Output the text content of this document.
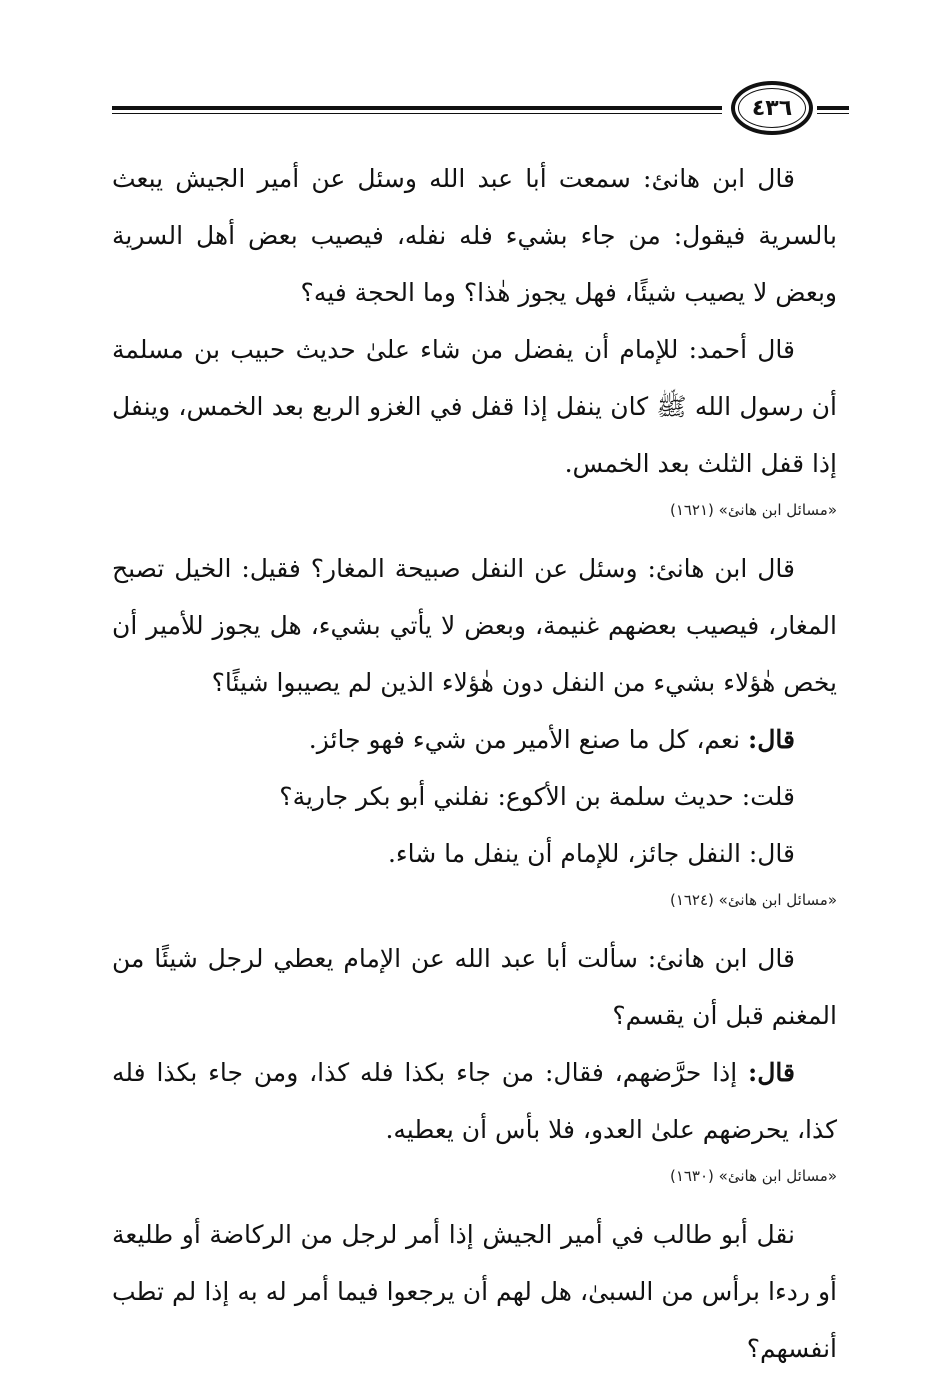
٤٣٦

قال ابن هانئ: سمعت أبا عبد الله وسئل عن أمير الجيش يبعث بالسرية فيقول: من جاء بشيء فله نفله، فيصيب بعض أهل السرية وبعض لا يصيب شيئًا، فهل يجوز هٰذا؟ وما الحجة فيه؟

قال أحمد: للإمام أن يفضل من شاء علىٰ حديث حبيب بن مسلمة أن رسول الله ﷺ كان ينفل إذا قفل في الغزو الربع بعد الخمس، وينفل إذا قفل الثلث بعد الخمس.

«مسائل ابن هانئ» (١٦٢١)

قال ابن هانئ: وسئل عن النفل صبيحة المغار؟ فقيل: الخيل تصبح المغار، فيصيب بعضهم غنيمة، وبعض لا يأتي بشيء، هل يجوز للأمير أن يخص هٰؤلاء بشيء من النفل دون هٰؤلاء الذين لم يصيبوا شيئًا؟

قال: نعم، كل ما صنع الأمير من شيء فهو جائز.

قلت: حديث سلمة بن الأكوع: نفلني أبو بكر جارية؟

قال: النفل جائز، للإمام أن ينفل ما شاء.

«مسائل ابن هانئ» (١٦٢٤)

قال ابن هانئ: سألت أبا عبد الله عن الإمام يعطي لرجل شيئًا من المغنم قبل أن يقسم؟

قال: إذا حرَّضهم، فقال: من جاء بكذا فله كذا، ومن جاء بكذا فله كذا، يحرضهم علىٰ العدو، فلا بأس أن يعطيه.

«مسائل ابن هانئ» (١٦٣٠)

نقل أبو طالب في أمير الجيش إذا أمر لرجل من الركاضة أو طليعة أو ردءا برأس من السبىٰ، هل لهم أن يرجعوا فيما أمر له به إذا لم تطب أنفسهم؟
